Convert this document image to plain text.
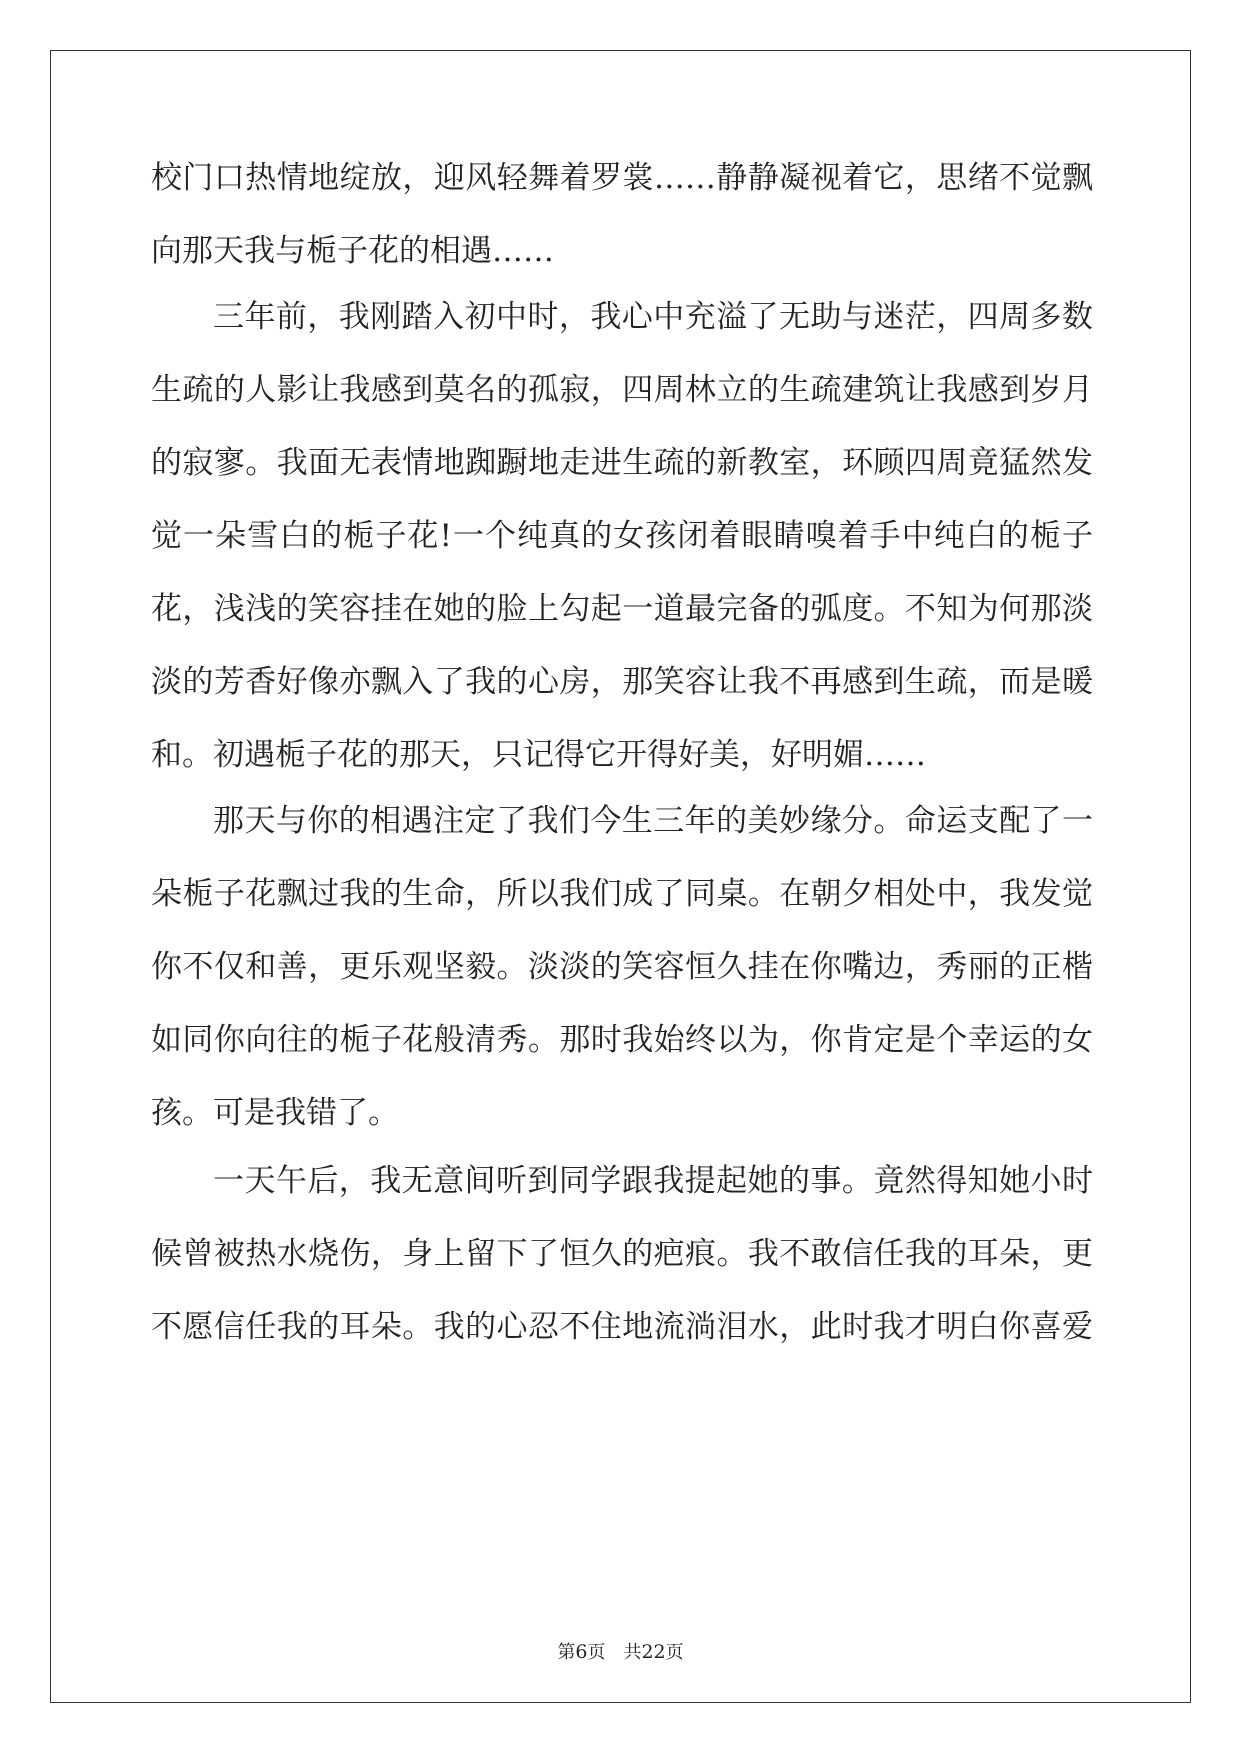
校门口热情地绽放，迎风轻舞着罗裳……静静凝视着它，思绪不觉飘
向那天我与栀子花的相遇……
三年前，我刚踏入初中时，我心中充溢了无助与迷茫，四周多数
生疏的人影让我感到莫名的孤寂，四周林立的生疏建筑让我感到岁月
的寂寥。我面无表情地踟蹰地走进生疏的新教室，环顾四周竟猛然发
觉一朵雪白的栀子花!一个纯真的女孩闭着眼睛嗅着手中纯白的栀子
花，浅浅的笑容挂在她的脸上勾起一道最完备的弧度。不知为何那淡
淡的芳香好像亦飘入了我的心房，那笑容让我不再感到生疏，而是暖
和。初遇栀子花的那天，只记得它开得好美，好明媚……
那天与你的相遇注定了我们今生三年的美妙缘分。命运支配了一
朵栀子花飘过我的生命，所以我们成了同桌。在朝夕相处中，我发觉
你不仅和善，更乐观坚毅。淡淡的笑容恒久挂在你嘴边，秀丽的正楷
如同你向往的栀子花般清秀。那时我始终以为，你肯定是个幸运的女
孩。可是我错了。
一天午后，我无意间听到同学跟我提起她的事。竟然得知她小时
候曾被热水烧伤，身上留下了恒久的疤痕。我不敢信任我的耳朵，更
不愿信任我的耳朵。我的心忍不住地流淌泪水，此时我才明白你喜爱
第6页 共22页
